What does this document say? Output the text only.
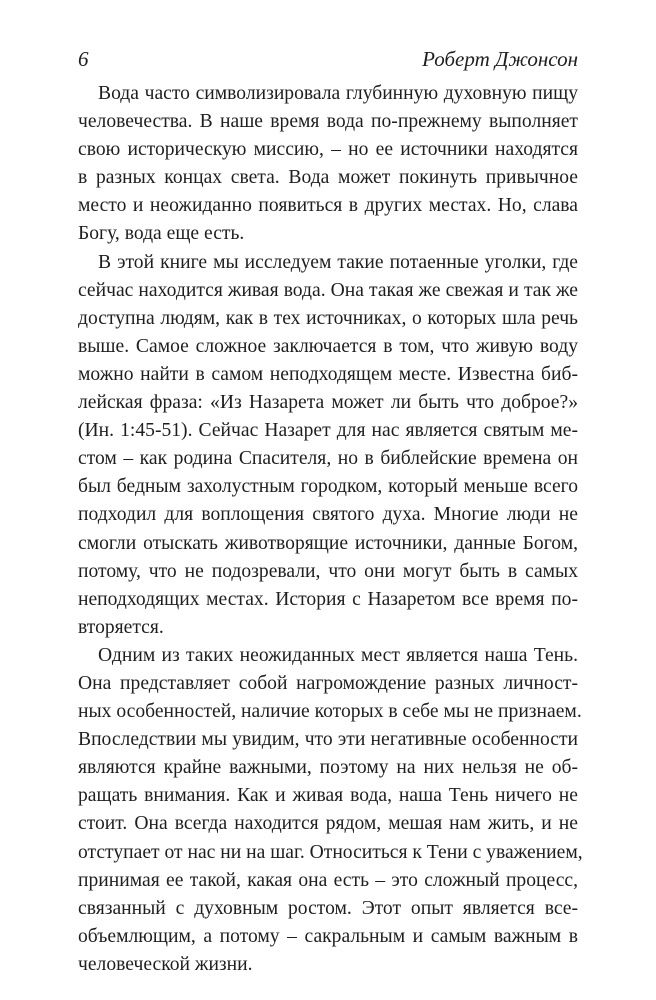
6	Роберт Джонсон
Вода часто символизировала глубинную духовную пищу
человечества. В наше время вода по-прежнему выполняет
свою историческую миссию, – но ее источники находятся
в разных концах света. Вода может покинуть привычное
место и неожиданно появиться в других местах. Но, слава
Богу, вода еще есть.
В этой книге мы исследуем такие потаенные уголки, где
сейчас находится живая вода. Она такая же свежая и так же
доступна людям, как в тех источниках, о которых шла речь
выше. Самое сложное заключается в том, что живую воду
можно найти в самом неподходящем месте. Известна биб-
лейская фраза: «Из Назарета может ли быть что доброе?»
(Ин. 1:45-51). Сейчас Назарет для нас является святым ме-
стом – как родина Спасителя, но в библейские времена он
был бедным захолустным городком, который меньше всего
подходил для воплощения святого духа. Многие люди не
смогли отыскать животворящие источники, данные Богом,
потому, что не подозревали, что они могут быть в самых
неподходящих местах. История с Назаретом все время по-
вторяется.
Одним из таких неожиданных мест является наша Тень.
Она представляет собой нагромождение разных личност-
ных особенностей, наличие которых в себе мы не признаем.
Впоследствии мы увидим, что эти негативные особенности
являются крайне важными, поэтому на них нельзя не об-
ращать внимания. Как и живая вода, наша Тень ничего не
стоит. Она всегда находится рядом, мешая нам жить, и не
отступает от нас ни на шаг. Относиться к Тени с уважением,
принимая ее такой, какая она есть – это сложный процесс,
связанный с духовным ростом. Этот опыт является все-
объемлющим, а потому – сакральным и самым важным в
человеческой жизни.
